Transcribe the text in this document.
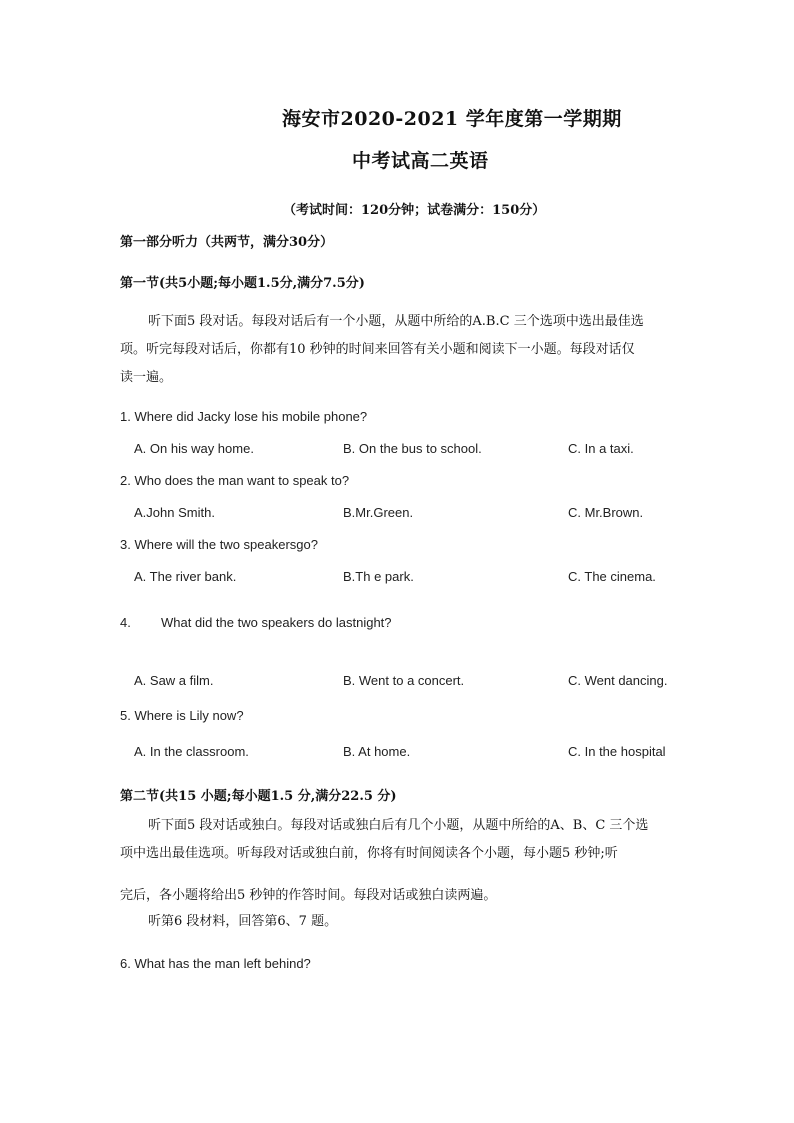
海安市2020-2021 学年度第一学期期
中考试高二英语
（考试时间：120分钟；试卷满分：150分）
第一部分听力（共两节，满分30分）
第一节(共5小题;每小题1.5分,满分7.5分)
听下面5 段对话。每段对话后有一个小题，从题中所给的A.B.C 三个选项中选出最佳选
项。听完每段对话后，你都有10 秒钟的时间来回答有关小题和阅读下一小题。每段对话仅
读一遍。
1. Where did Jacky lose his mobile phone?
A. On his way home.	B. On the bus to school.	C. In a taxi.
2. Who does the man want to speak to?
A.John Smith.	B.Mr.Green.	C. Mr.Brown.
3. Where will the two speakersgo?
A. The river bank.	B.Th e park.	C. The cinema.
4. What did the two speakers do lastnight?
A. Saw a film.	B. Went to a concert.	C. Went dancing.
5. Where is Lily now?
A. In the classroom.	B. At home.	C. In the hospital
第二节(共15 小题;每小题1.5 分,满分22.5 分)
听下面5 段对话或独白。每段对话或独白后有几个小题，从题中所给的A、B、C 三个选
项中选出最佳选项。听每段对话或独白前，你将有时间阅读各个小题，每小题5 秒钟;听
完后，各小题将给出5 秒钟的作答时间。每段对话或独白读两遍。
听第6 段材料，回答第6、7 题。
6. What has the man left behind?
